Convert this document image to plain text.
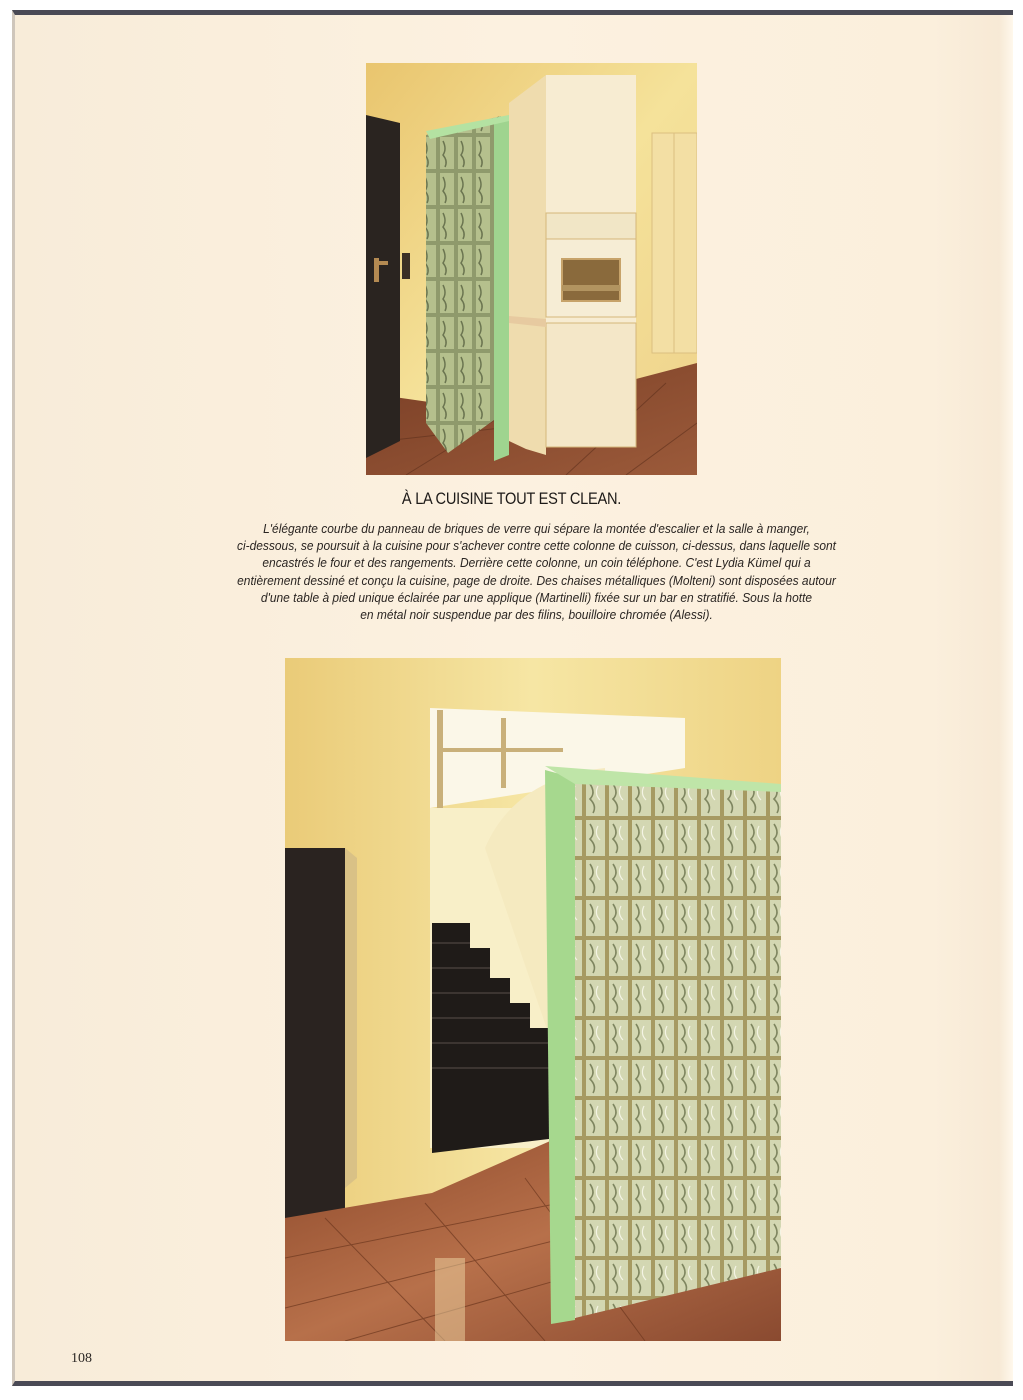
À LA CUISINE TOUT EST CLEAN.
L'élégante courbe du panneau de briques de verre qui sépare la montée d'escalier et la salle à manger,
ci-dessous, se poursuit à la cuisine pour s'achever contre cette colonne de cuisson, ci-dessus, dans laquelle sont
encastrés le four et des rangements. Derrière cette colonne, un coin téléphone. C'est Lydia Kümel qui a
entièrement dessiné et conçu la cuisine, page de droite. Des chaises métalliques (Molteni) sont disposées autour
d'une table à pied unique éclairée par une applique (Martinelli) fixée sur un bar en stratifié. Sous la hotte
en métal noir suspendue par des filins, bouilloire chromée (Alessi).
108
